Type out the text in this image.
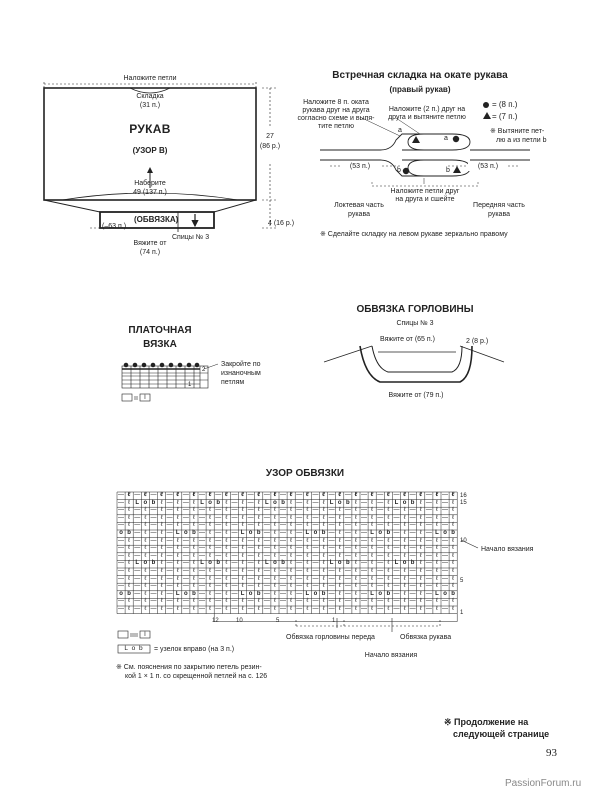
Наложите петли
Складка
(31 п.)
РУКАВ
(УЗОР В)
Наберите
49 (137 п.)
27
(86 р.)
4 (16 р.)
(ОБВЯЗКА)
(–63 п.)
Спицы № 3
Вяжите от
(74 п.)
Встречная складка на окате рукава
(правый рукав)
Наложите 8 п. оката
рукава друг на друга
согласно схеме и выпя-
тите петлю
Наложите (2 п.) друг на
друга и вытяните петлю
= (8 п.)
= (7 п.)
※ Вытяните пет-
лю a из петли b
a
a
b	b
(53 п.)	(53 п.)
Наложите петли друг
на друга и сшейте
Локтевая часть
рукава
Передняя часть
рукава
※ Сделайте складку на левом рукаве зеркально правому
ПЛАТОЧНАЯ
ВЯЗКА
Закройте по
изнаночным
петлям
2
1
I
ОБВЯЗКА ГОРЛОВИНЫ
Спицы № 3
Вяжите от (65 п.)	2 (8 р.)
Вяжите от (79 п.)
УЗОР ОБВЯЗКИ
— ℓ — ℓ — ℓ — ℓ — ℓ — ℓ — ℓ — ℓ — ℓ — ℓ — ℓ — ℓ — ℓ — ℓ — ℓ — ℓ — ℓ — ℓ — ℓ — ℓ — ℓ
— ℓ L o b ℓ — ℓ — ℓ L o b ℓ — ℓ — ℓ L o b ℓ — ℓ — ℓ L o b ℓ — ℓ — ℓ L o b ℓ — ℓ — ℓ
— ℓ — ℓ — ℓ — ℓ — ℓ — ℓ — ℓ — ℓ — ℓ — ℓ — ℓ — ℓ — ℓ — ℓ — ℓ — ℓ — ℓ — ℓ — ℓ — ℓ — ℓ
— ℓ — ℓ — ℓ — ℓ — ℓ — ℓ — ℓ — ℓ — ℓ — ℓ — ℓ — ℓ — ℓ — ℓ — ℓ — ℓ — ℓ — ℓ — ℓ — ℓ — ℓ
— ℓ — ℓ — ℓ — ℓ — ℓ — ℓ — ℓ — ℓ — ℓ — ℓ — ℓ — ℓ — ℓ — ℓ — ℓ — ℓ — ℓ — ℓ — ℓ — ℓ — ℓ
o b — ℓ — ℓ — L o b — ℓ — ℓ — L o b — ℓ — ℓ — L o b — ℓ — ℓ — L o b — ℓ — ℓ — L o b
— ℓ — ℓ — ℓ — ℓ — ℓ — ℓ — ℓ — ℓ — ℓ — ℓ — ℓ — ℓ — ℓ — ℓ — ℓ — ℓ — ℓ — ℓ — ℓ — ℓ — ℓ
— ℓ — ℓ — ℓ — ℓ — ℓ — ℓ — ℓ — ℓ — ℓ — ℓ — ℓ — ℓ — ℓ — ℓ — ℓ — ℓ — ℓ — ℓ — ℓ — ℓ — ℓ
— ℓ — ℓ — ℓ — ℓ — ℓ — ℓ — ℓ — ℓ — ℓ — ℓ — ℓ — ℓ — ℓ — ℓ — ℓ — ℓ — ℓ — ℓ — ℓ — ℓ — ℓ
— ℓ L o b ℓ — ℓ — ℓ L o b ℓ — ℓ — ℓ L o b ℓ — ℓ — ℓ L o b ℓ — ℓ — ℓ L o b ℓ — ℓ — ℓ
— ℓ — ℓ — ℓ — ℓ — ℓ — ℓ — ℓ — ℓ — ℓ — ℓ — ℓ — ℓ — ℓ — ℓ — ℓ — ℓ — ℓ — ℓ — ℓ — ℓ — ℓ
— ℓ — ℓ — ℓ — ℓ — ℓ — ℓ — ℓ — ℓ — ℓ — ℓ — ℓ — ℓ — ℓ — ℓ — ℓ — ℓ — ℓ — ℓ — ℓ — ℓ — ℓ
— ℓ — ℓ — ℓ — ℓ — ℓ — ℓ — ℓ — ℓ — ℓ — ℓ — ℓ — ℓ — ℓ — ℓ — ℓ — ℓ — ℓ — ℓ — ℓ — ℓ — ℓ
o b — ℓ — ℓ — L o b — ℓ — ℓ — L o b — ℓ — ℓ — L o b — ℓ — ℓ — L o b — ℓ — ℓ — L o b
— ℓ — ℓ — ℓ — ℓ — ℓ — ℓ — ℓ — ℓ — ℓ — ℓ — ℓ — ℓ — ℓ — ℓ — ℓ — ℓ — ℓ — ℓ — ℓ — ℓ — ℓ
— ℓ — ℓ — ℓ — ℓ — ℓ — ℓ — ℓ — ℓ — ℓ — ℓ — ℓ — ℓ — ℓ — ℓ — ℓ — ℓ — ℓ — ℓ — ℓ — ℓ — ℓ
16
15
10
5
1
12	10	5	1
Начало вязания
Обвязка горловины переда	Обвязка рукава
Начало вязания
I
L o b	= узелок вправо (на 3 п.)
※ См. пояснения по закрытию петель резин-
кой 1 × 1 п. со скрещенной петлей на с. 126
※ Продолжение на
следующей странице
93
PassionForum.ru
